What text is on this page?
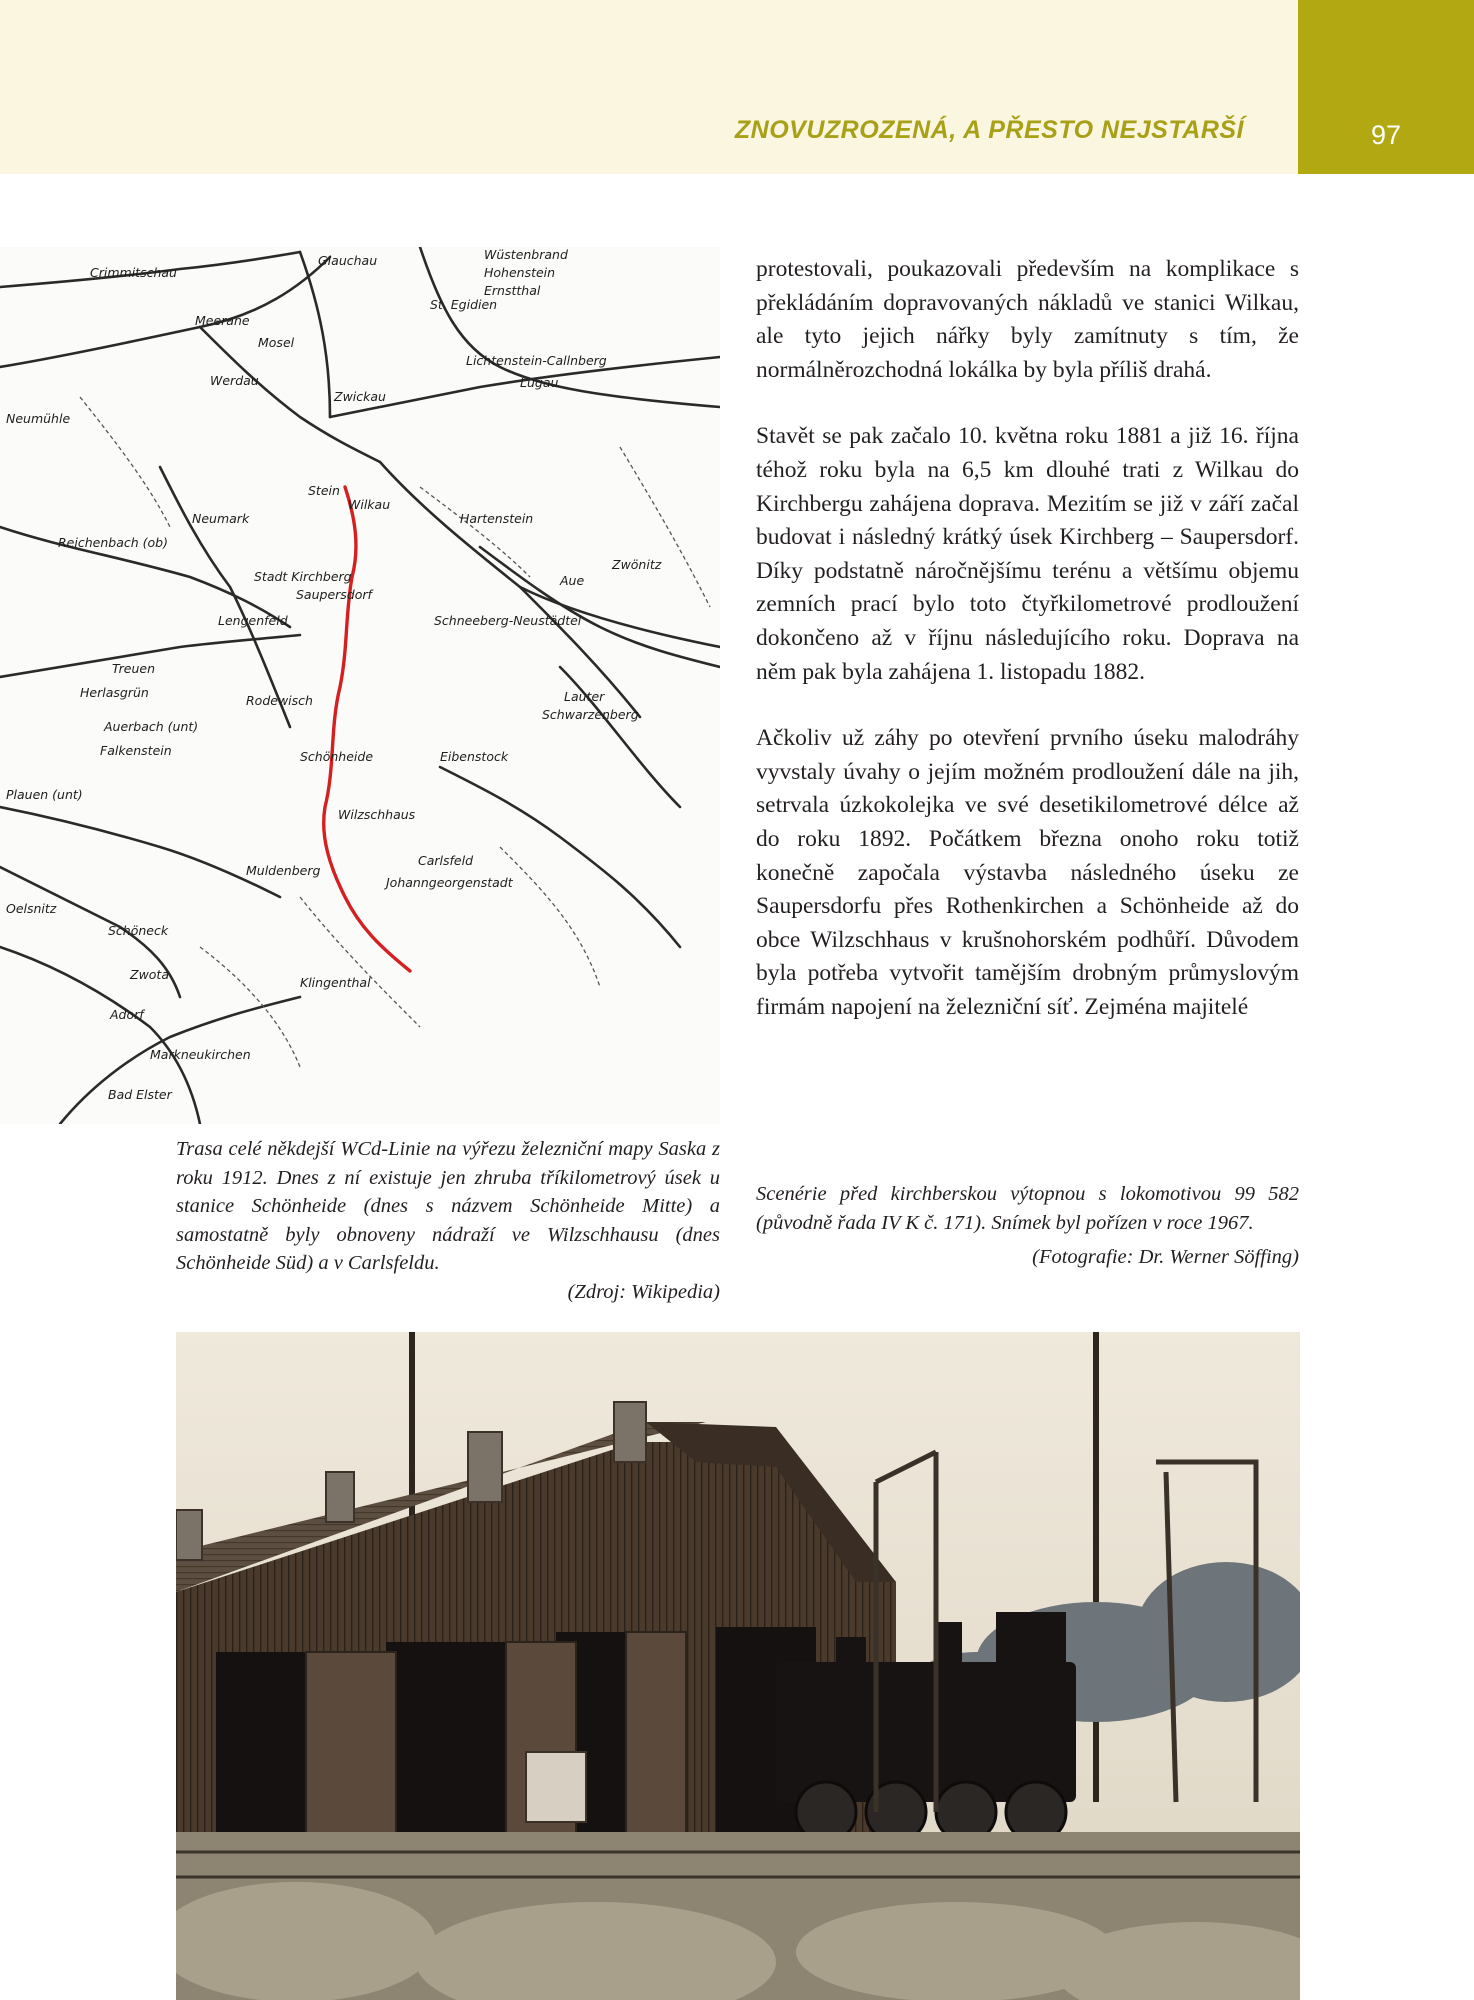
ZNOVUZROZENÁ, A PŘESTO NEJSTARŠÍ	97
Crimmitschau
Glauchau
Meerane
Wüstenbrand
Hohenstein
Ernstthal
St. Egidien
Mosel
Lichtenstein-Callnberg
Lugau
Werdau
Zwickau
Neumühle
Neumark
Reichenbach (ob)
Wilkau
Stein
Hartenstein
Aue
Stadt Kirchberg
Saupersdorf
Lengenfeld	Schneeberg-Neustädtel
Treuen
Herlasgrün
Rodewisch
Auerbach (unt)
Falkenstein	Schönheide
Wilzschhaus
Carlsfeld
Johanngeorgenstadt
Eibenstock
Lauter
Schwarzenberg
Muldenberg
Oelsnitz
Zwota
Klingenthal
Adorf
Markneukirchen
Bad Elster
Zwönitz
Schöneck
Plauen (unt)
Trasa celé někdejší WCd-Linie na výřezu železniční mapy Saska z roku 1912. Dnes z ní existuje jen zhruba tříkilometrový úsek u stanice Schönheide (dnes s názvem Schönheide Mitte) a samostatně byly obnoveny nádraží ve Wilzschhausu (dnes Schönheide Süd) a v Carlsfeldu.
(Zdroj: Wikipedia)

protestovali, poukazovali především na komplikace s překládáním dopravovaných nákladů ve stanici Wilkau, ale tyto jejich nářky byly zamítnuty s tím, že normálněrozchodná lokálka by byla příliš drahá.

Stavět se pak začalo 10. května roku 1881 a již 16. října téhož roku byla na 6,5 km dlouhé trati z Wilkau do Kirchbergu zahájena doprava. Mezitím se již v září začal budovat i následný krátký úsek Kirchberg – Saupersdorf. Díky podstatně náročnějšímu terénu a většímu objemu zemních prací bylo toto čtyřkilometrové prodloužení dokončeno až v říjnu následujícího roku. Doprava na něm pak byla zahájena 1. listopadu 1882.

Ačkoliv už záhy po otevření prvního úseku malodráhy vyvstaly úvahy o jejím možném prodloužení dále na jih, setrvala úzkokolejka ve své desetikilometrové délce až do roku 1892. Počátkem března onoho roku totiž konečně započala výstavba následného úseku ze Saupersdorfu přes Rothenkirchen a Schönheide až do obce Wilzschhaus v krušnohorském podhůří. Důvodem byla potřeba vytvořit tamějším drobným průmyslovým firmám napojení na železniční síť. Zejména majitelé

Scenérie před kirchberskou výtopnou s lokomotivou 99 582 (původně řada IV K č. 171). Snímek byl pořízen v roce 1967.
(Fotografie: Dr. Werner Söffing)
